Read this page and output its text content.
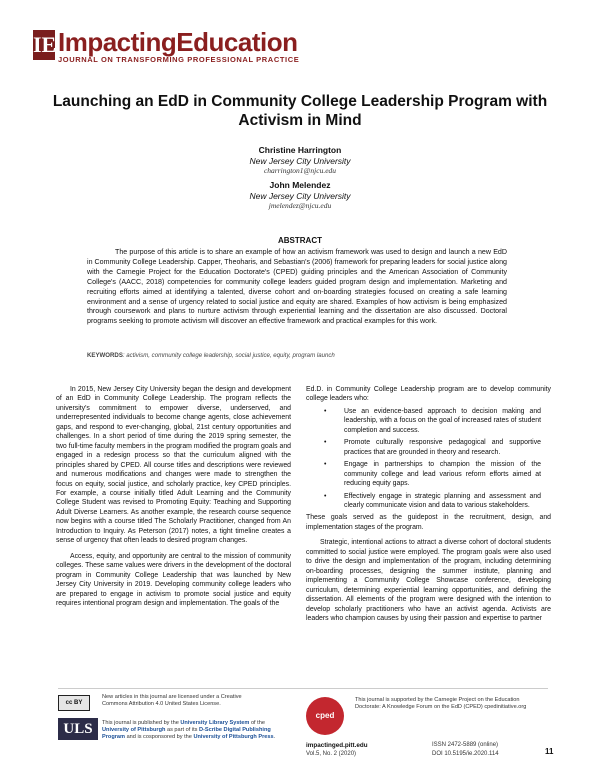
IE ImpactingEducation
JOURNAL ON TRANSFORMING PROFESSIONAL PRACTICE
Launching an EdD in Community College Leadership Program with Activism in Mind
Christine Harrington
New Jersey City University
charrington1@njcu.edu
John Melendez
New Jersey City University
jmelendez@njcu.edu
ABSTRACT
The purpose of this article is to share an example of how an activism framework was used to design and launch a new EdD in Community College Leadership. Capper, Theoharis, and Sebastian's (2006) framework for preparing leaders for social justice along with the Carnegie Project for the Education Doctorate's (CPED) guiding principles and the American Association of Community College's (AACC, 2018) competencies for community college leaders guided program design and implementation. Marketing and recruiting efforts aimed at identifying a talented, diverse cohort and on-boarding strategies focused on creating a safe learning environment and a sense of urgency related to social justice and equity are shared. Examples of how activism is being emphasized through coursework and plans to nurture activism through experiential learning and the dissertation are also discussed. Doctoral programs seeking to promote activism will discover an effective framework and practical examples for this work.
KEYWORDS: activism, community college leadership, social justice, equity, program launch

In 2015, New Jersey City University began the design and development of an EdD in Community College Leadership. The program reflects the university's commitment to empower diverse, underserved, and underrepresented individuals to become change agents, close achievement gaps, and respond to ever-changing, global, 21st century opportunities and challenges. In a short period of time during the 2019 spring semester, the two full-time faculty members in the program modified the program goals and engaged in a redesign process so that the curriculum aligned with the principles shared by CPED. All course titles and descriptions were reviewed and numerous modifications and changes were made to strengthen the focus on equity, social justice, and scholarly practice, key CPED principles. For example, a course initially titled Adult Learning and the Community College Student was revised to Promoting Equity: Teaching and Supporting Adult Diverse Learners. As another example, the research course sequence now begins with a course titled The Scholarly Practitioner, changed from An Introduction to Inquiry. As Peterson (2017) notes, a tight timeline creates a sense of urgency that often leads to desired program changes.

Access, equity, and opportunity are central to the mission of community colleges. These same values were drivers in the development of the doctoral program in Community College Leadership that was launched by New Jersey City University in 2019. Developing community college leaders who are prepared to engage in activism to promote social justice and equity requires intentional program design and implementation. The goals of the

Ed.D. in Community College Leadership program are to develop community college leaders who:

• Use an evidence-based approach to decision making and leadership, with a focus on the goal of increased rates of student completion and success.
• Promote culturally responsive pedagogical and supportive practices that are grounded in theory and research.
• Engage in partnerships to champion the mission of the community college and lead various reform efforts aimed at reducing equity gaps.
• Effectively engage in strategic planning and assessment and clearly communicate vision and data to various stakeholders.

These goals served as the guidepost in the recruitment, design, and implementation stages of the program.

Strategic, intentional actions to attract a diverse cohort of doctoral students committed to social justice were employed. The program goals were also used to drive the design and implementation of the program, including determining on-boarding processes, designing the summer institute, planning and implementing a Community College Showcase conference, developing curriculum, determining experiential learning opportunities, and defining the dissertation. All elements of the program were designed with the intention to develop scholarly practitioners who have an activist agenda. Activists are leaders who champion causes by using their passion and expertise to partner

cc BY
New articles in this journal are licensed under a Creative Commons Attribution 4.0 United States License.
ULS	This journal is published by the University Library System of the University of Pittsburgh as part of its D-Scribe Digital Publishing Program and is cosponsored by the University of Pittsburgh Press.
cped
This journal is supported by the Carnegie Project on the Education Doctorate: A Knowledge Forum on the EdD (CPED) cpedinitiative.org
impactinged.pitt.edu
Vol.5, No. 2 (2020)
ISSN 2472-5889 (online)
DOI 10.5195/ie.2020.114	11
